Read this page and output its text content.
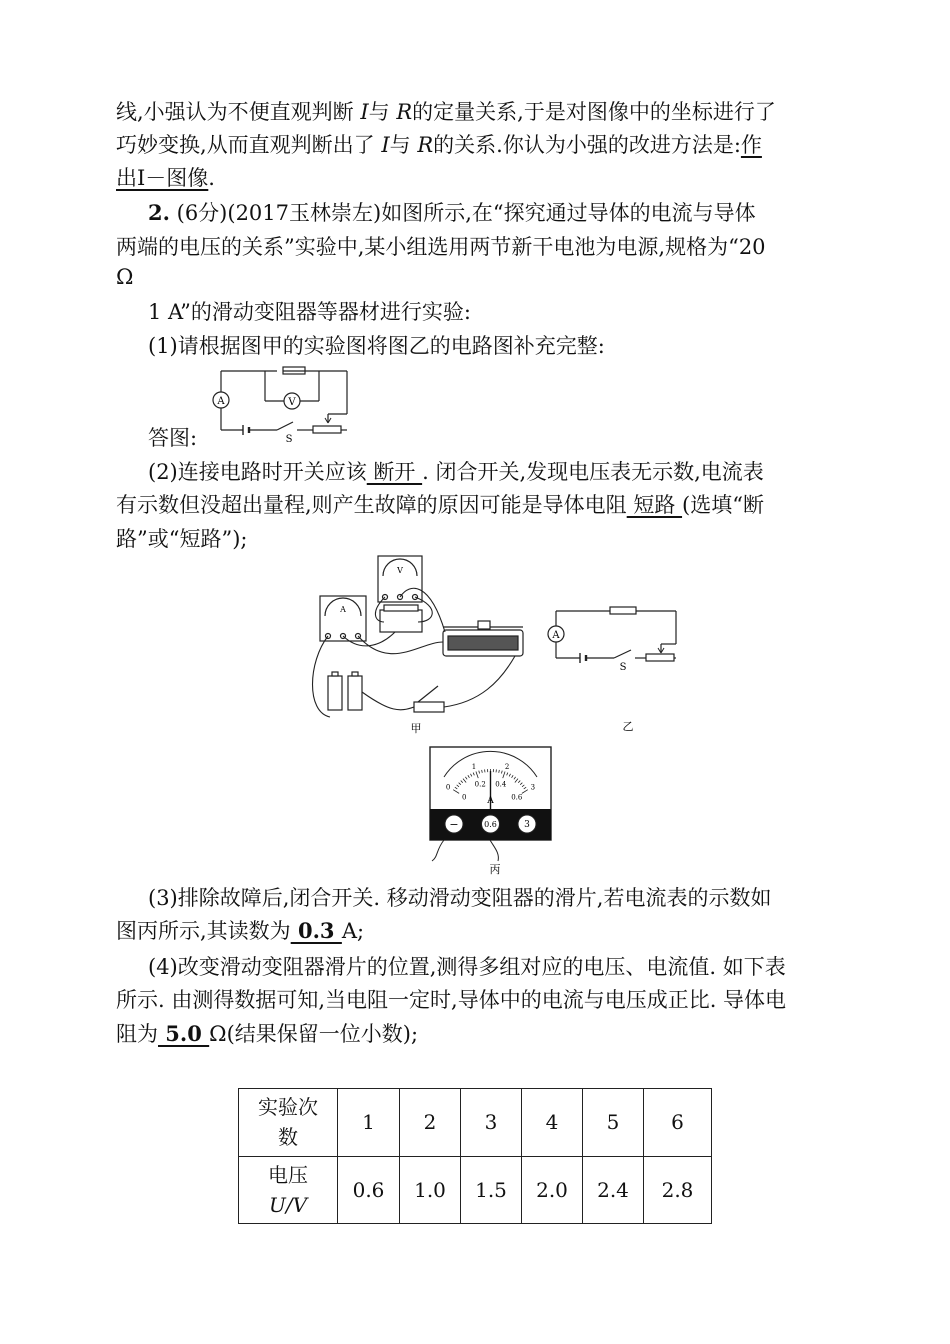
线,小强认为不便直观判断 I与 R的定量关系,于是对图像中的坐标进行了
巧妙变换,从而直观判断出了 I与 R的关系.你认为小强的改进方法是:作
出I－图像.
2. (6分)(2017玉林崇左)如图所示,在“探究通过导体的电流与导体
两端的电压的关系”实验中,某小组选用两节新干电池为电源,规格为“20
Ω
1 A”的滑动变阻器等器材进行实验:
(1)请根据图甲的实验图将图乙的电路图补充完整:
答图:
A	V
S
(2)连接电路时开关应该 断开 . 闭合开关,发现电压表无示数,电流表
有示数但没超出量程,则产生故障的原因可能是导体电阻 短路 (选填“断
路”或“短路”);
A
V
甲
A
S
乙
0
1	2
3
0
0.2 0.4
0.6
A
−	0.6	3
丙
(3)排除故障后,闭合开关. 移动滑动变阻器的滑片,若电流表的示数如
图丙所示,其读数为 0.3 A;
(4)改变滑动变阻器滑片的位置,测得多组对应的电压、电流值. 如下表
所示. 由测得数据可知,当电阻一定时,导体中的电流与电压成正比. 导体电
阻为 5.0 Ω(结果保留一位小数);
实验次
数	1	2	3	4	5	6

电压
U/V	0.6	1.0	1.5	2.0	2.4	2.8
